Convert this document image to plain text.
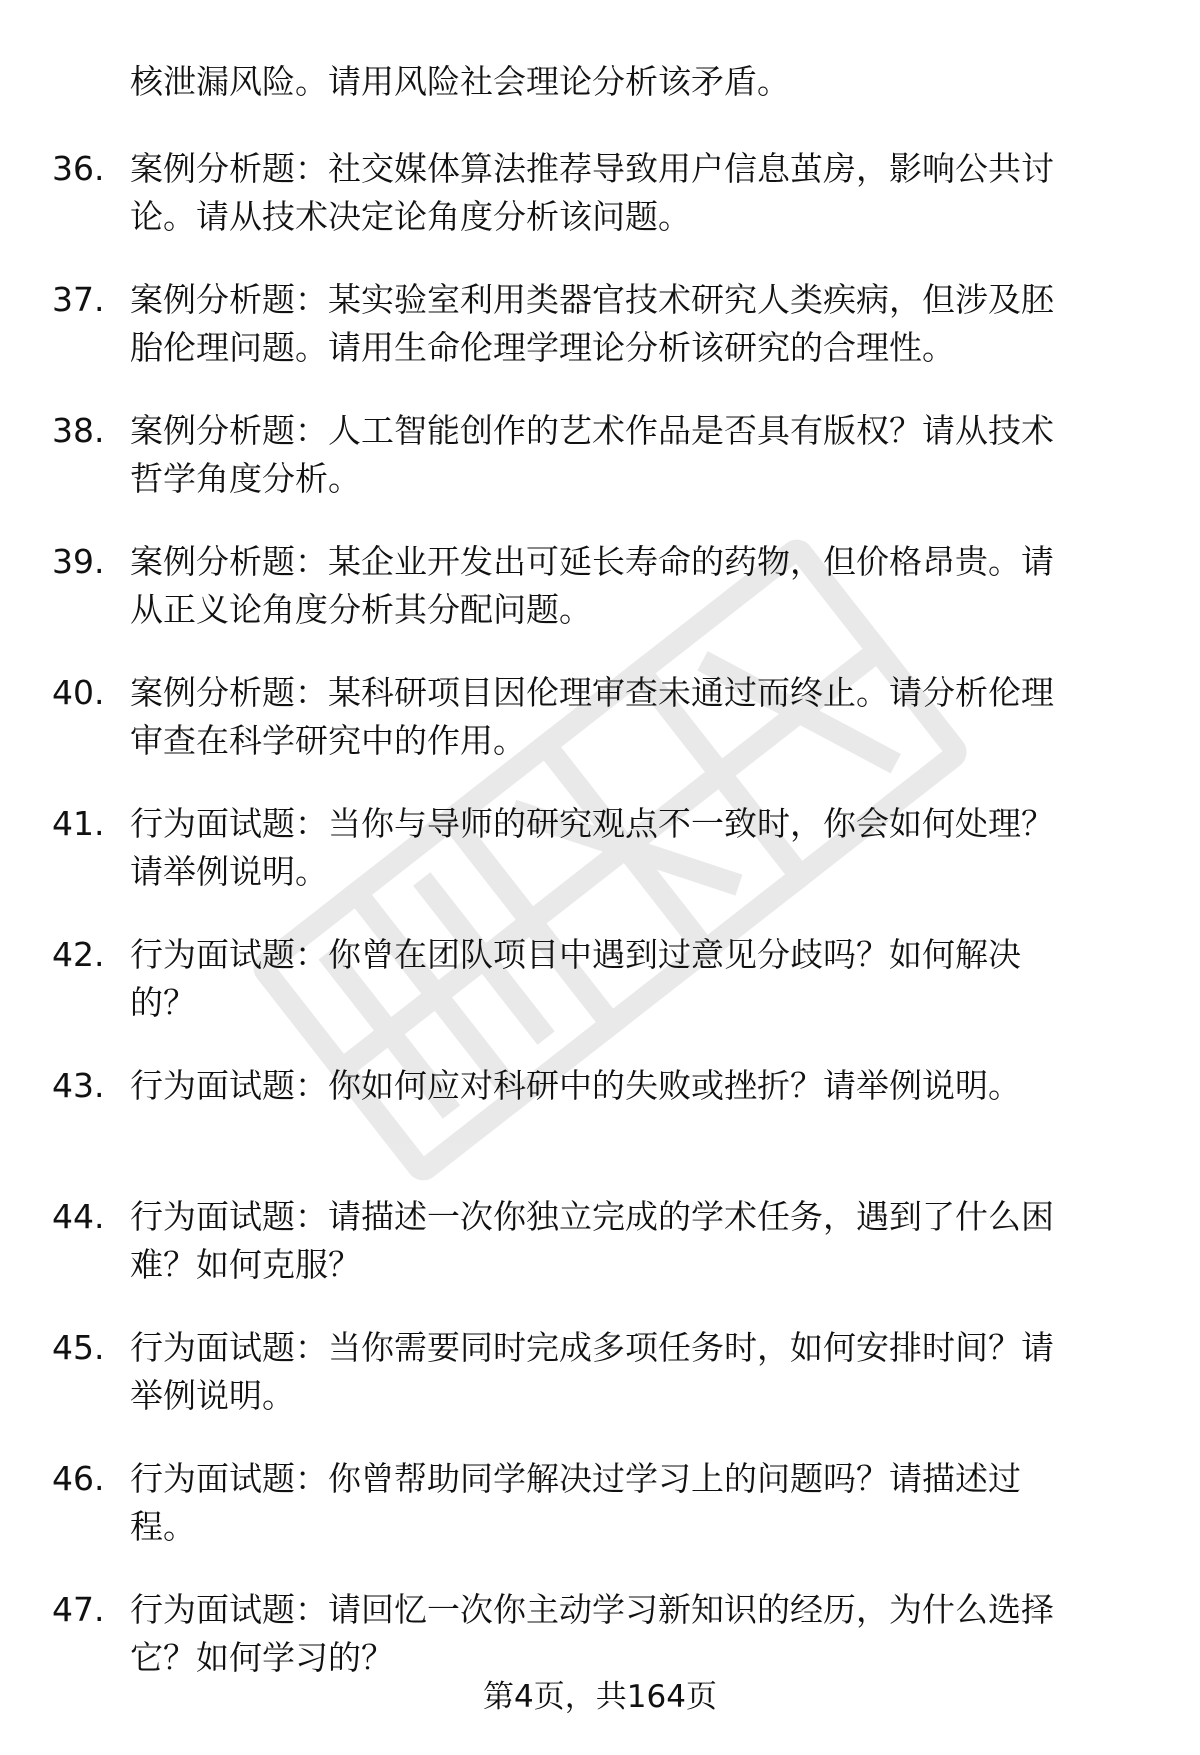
核泄漏风险。请用风险社会理论分析该矛盾。
36. 案例分析题：社交媒体算法推荐导致用户信息茧房，影响公共讨
论。请从技术决定论角度分析该问题。
37. 案例分析题：某实验室利用类器官技术研究人类疾病，但涉及胚
胎伦理问题。请用生命伦理学理论分析该研究的合理性。
38. 案例分析题：人工智能创作的艺术作品是否具有版权？请从技术
哲学角度分析。
39. 案例分析题：某企业开发出可延长寿命的药物，但价格昂贵。请
从正义论角度分析其分配问题。
40. 案例分析题：某科研项目因伦理审查未通过而终止。请分析伦理
审查在科学研究中的作用。
41. 行为面试题：当你与导师的研究观点不一致时，你会如何处理？
请举例说明。
42. 行为面试题：你曾在团队项目中遇到过意见分歧吗？如何解决
的？
43. 行为面试题：你如何应对科研中的失败或挫折？请举例说明。
44. 行为面试题：请描述一次你独立完成的学术任务，遇到了什么困
难？如何克服？
45. 行为面试题：当你需要同时完成多项任务时，如何安排时间？请
举例说明。
46. 行为面试题：你曾帮助同学解决过学习上的问题吗？请描述过
程。
47. 行为面试题：请回忆一次你主动学习新知识的经历，为什么选择
它？如何学习的？
第4页，共164页
